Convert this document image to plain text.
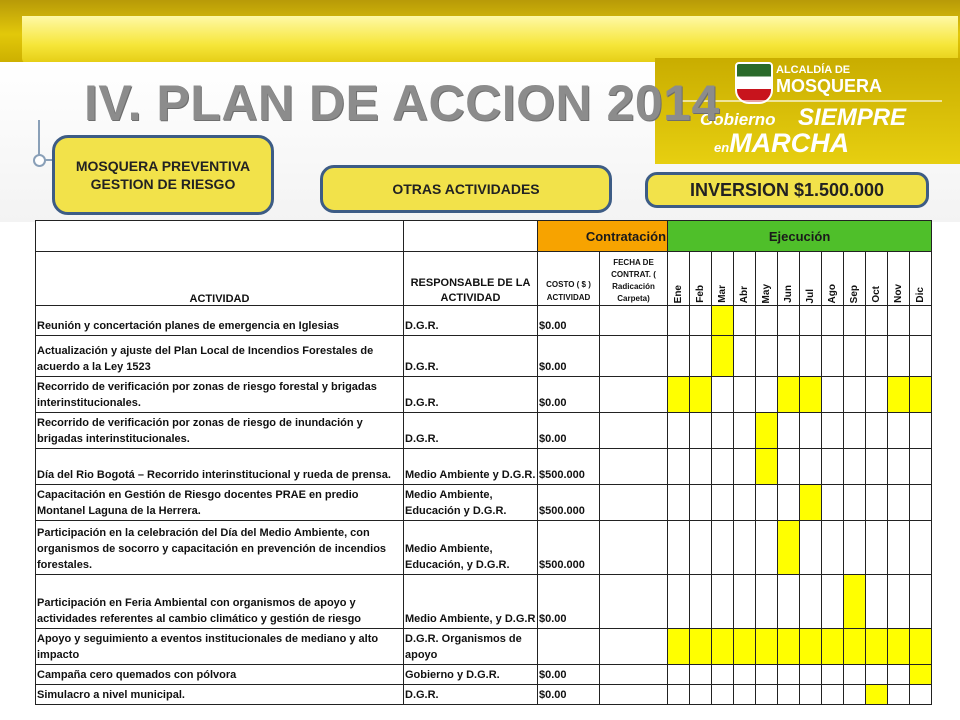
ALCALDÍA DE
MOSQUERA
Gobierno SIEMPRE
enMARCHA
IV. PLAN DE ACCION 2014
MOSQUERA PREVENTIVA GESTION DE RIESGO	OTRAS ACTIVIDADES	INVERSION $1.500.000
		Contratación		Ejecución											
ACTIVIDAD	RESPONSABLE DE LA ACTIVIDAD	COSTO ( $ ) ACTIVIDAD	FECHA DE CONTRAT. ( Radicación Carpeta)	Ene	Feb	Mar	Abr	May	Jun	Jul	Ago	Sep	Oct	Nov	Dic

Reunión y concertación planes de emergencia en Iglesias	D.G.R.	$0.00													
Actualización y ajuste del Plan Local de Incendios Forestales de acuerdo a la Ley 1523	D.G.R.	$0.00													
Recorrido de verificación por zonas de riesgo forestal y brigadas interinstitucionales.	D.G.R.	$0.00													
Recorrido de verificación por zonas de riesgo de inundación y brigadas interinstitucionales.	D.G.R.	$0.00													
Día del Rio Bogotá – Recorrido interinstitucional y rueda de prensa.	Medio Ambiente y D.G.R.	$500.000													
Capacitación en Gestión de Riesgo docentes PRAE en predio Montanel Laguna de la Herrera.	Medio Ambiente, Educación y D.G.R.	$500.000													
Participación en la celebración del Día del Medio Ambiente, con organismos de socorro y capacitación en prevención de incendios forestales.	Medio Ambiente, Educación, y D.G.R.	$500.000													
Participación en Feria Ambiental con organismos de apoyo y actividades referentes al cambio climático y gestión de riesgo	Medio Ambiente, y D.G.R	$0.00													
Apoyo y seguimiento a eventos institucionales de mediano y alto impacto	D.G.R. Organismos de apoyo														
Campaña cero quemados con pólvora	Gobierno y D.G.R.	$0.00													
Simulacro a nivel municipal.	D.G.R.	$0.00													
